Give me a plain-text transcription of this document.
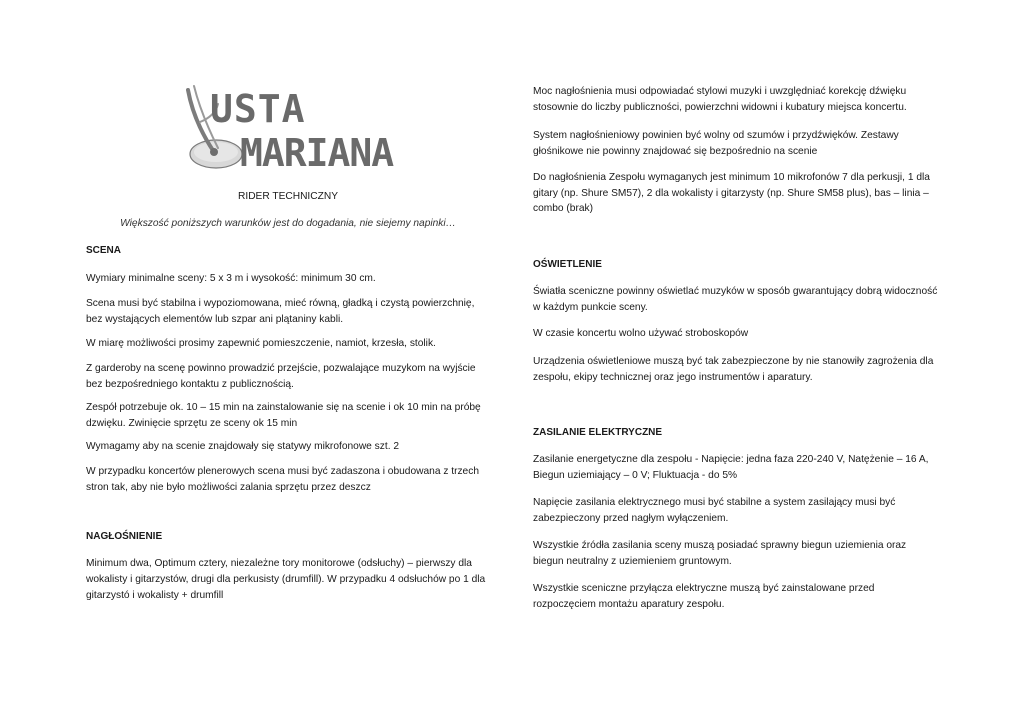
USTA
MARIANA

RIDER TECHNICZNY

Większość poniższych warunków jest do dogadania, nie siejemy napinki…

SCENA

Wymiary minimalne sceny: 5 x 3 m i wysokość: minimum 30 cm.

Scena musi być stabilna i wypoziomowana, mieć równą, gładką i czystą powierzchnię, bez wystających elementów lub szpar ani plątaniny kabli.

W miarę możliwości prosimy zapewnić pomieszczenie, namiot, krzesła, stolik.

Z garderoby na scenę powinno prowadzić przejście, pozwalające muzykom na wyjście bez bezpośredniego kontaktu z publicznością.

Zespół potrzebuje ok. 10 – 15 min na zainstalowanie się na scenie i ok 10 min na próbę dzwięku. Zwinięcie sprzętu ze sceny ok 15 min

Wymagamy aby na scenie znajdowały się statywy mikrofonowe szt. 2

W przypadku koncertów plenerowych scena musi być zadaszona i obudowana z trzech stron tak, aby nie było możliwości zalania sprzętu przez deszcz

NAGŁOŚNIENIE

Minimum dwa, Optimum cztery, niezależne tory monitorowe (odsłuchy) – pierwszy dla wokalisty i gitarzystów, drugi dla perkusisty (drumfill). W przypadku 4 odsłuchów po 1 dla gitarzystó i wokalisty + drumfill

Moc nagłośnienia musi odpowiadać stylowi muzyki i uwzględniać korekcję dźwięku stosownie do liczby publiczności, powierzchni widowni i kubatury miejsca koncertu.

System nagłośnieniowy powinien być wolny od szumów i przydźwięków. Zestawy głośnikowe nie powinny znajdować się bezpośrednio na scenie

Do nagłośnienia Zespołu wymaganych jest minimum 10 mikrofonów 7 dla perkusji, 1 dla gitary (np. Shure SM57), 2 dla wokalisty i gitarzysty (np. Shure SM58 plus), bas – linia – combo (brak)

OŚWIETLENIE

Światła sceniczne powinny oświetlać muzyków w sposób gwarantujący dobrą widoczność w każdym punkcie sceny.

W czasie koncertu wolno używać stroboskopów

Urządzenia oświetleniowe muszą być tak zabezpieczone by nie stanowiły zagrożenia dla zespołu, ekipy technicznej oraz jego instrumentów i aparatury.

ZASILANIE ELEKTRYCZNE

Zasilanie energetyczne dla zespołu - Napięcie: jedna faza 220-240 V, Natężenie – 16 A, Biegun uziemiający – 0 V; Fluktuacja - do 5%

Napięcie zasilania elektrycznego musi być stabilne a system zasilający musi być zabezpieczony przed nagłym wyłączeniem.

Wszystkie źródła zasilania sceny muszą posiadać sprawny biegun uziemienia oraz biegun neutralny z uziemieniem gruntowym.

Wszystkie sceniczne przyłącza elektryczne muszą być zainstalowane przed rozpoczęciem montażu aparatury zespołu.
